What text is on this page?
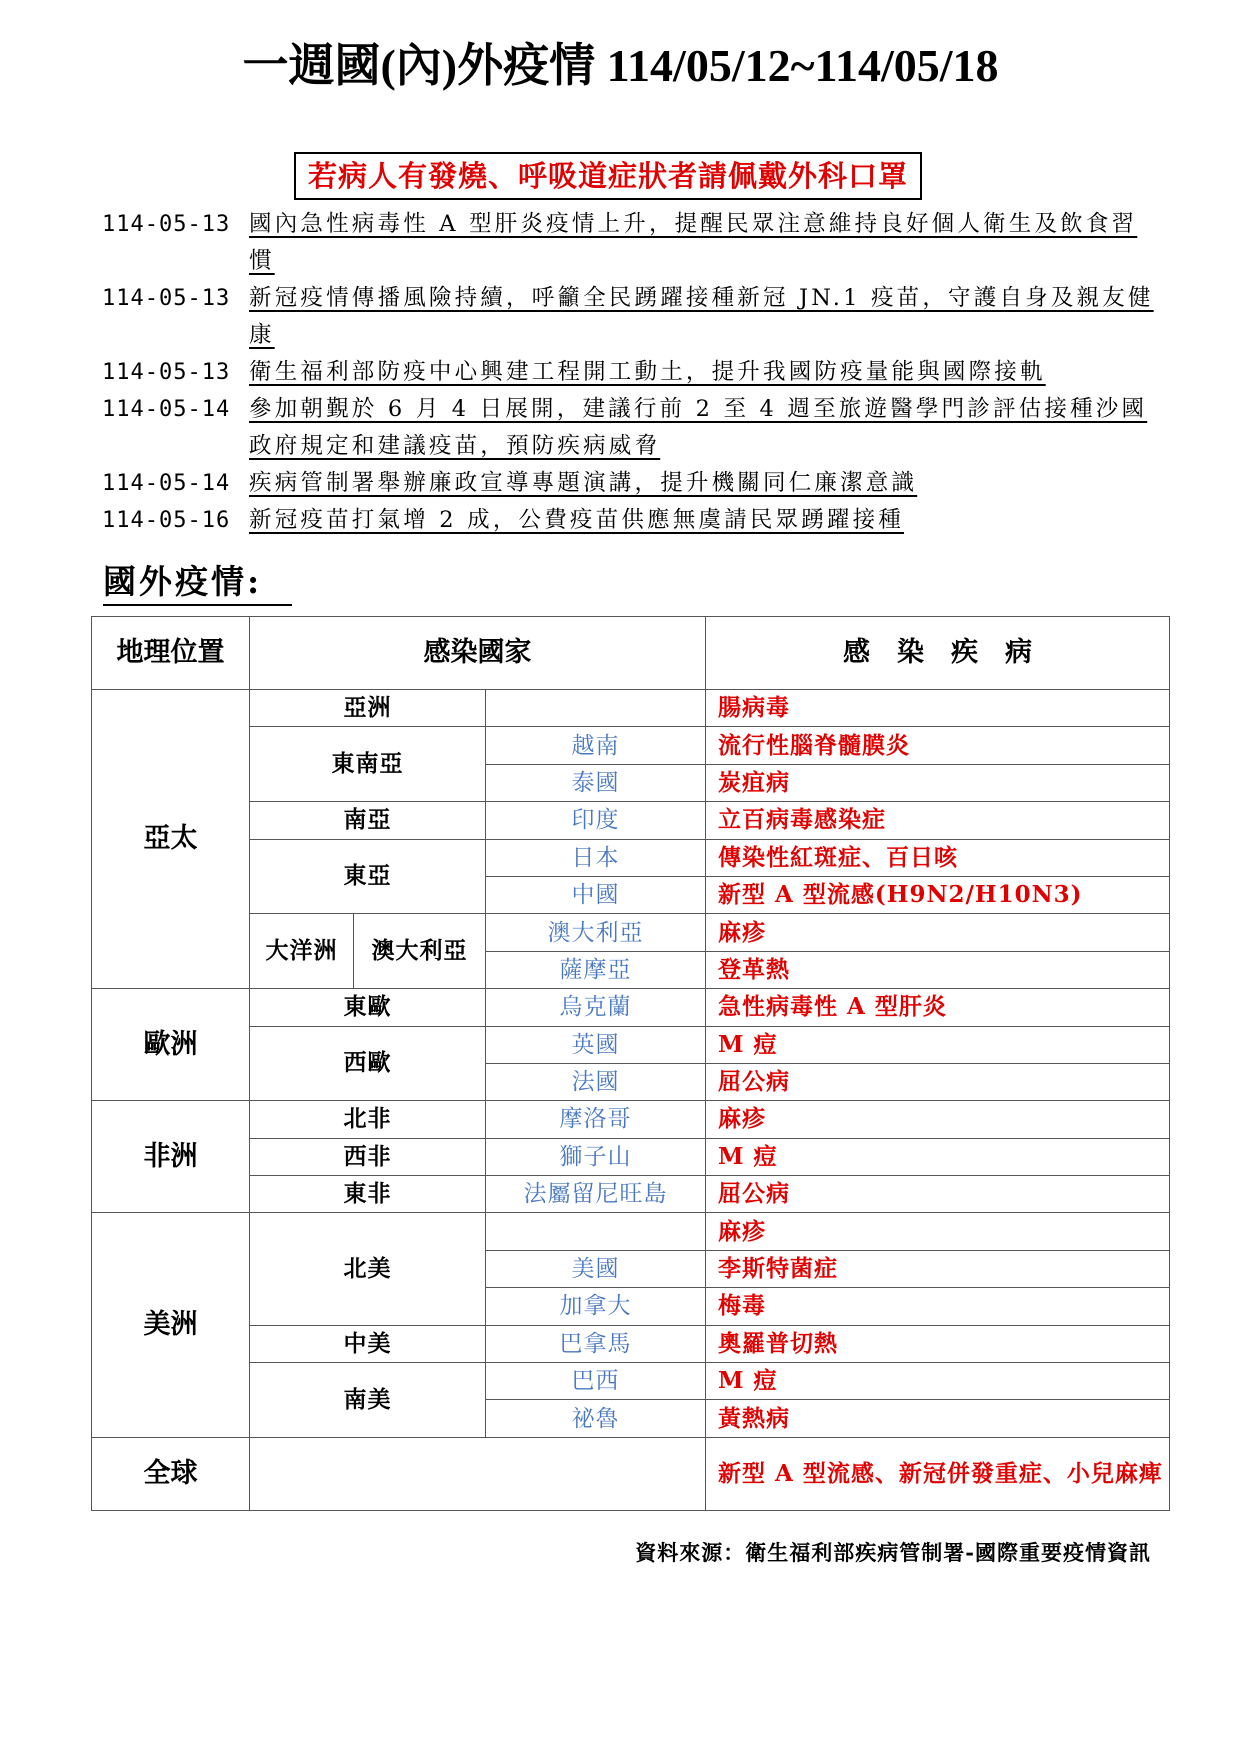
一週國(內)外疫情 114/05/12~114/05/18
若病人有發燒、呼吸道症狀者請佩戴外科口罩
114-05-13 國內急性病毒性 A 型肝炎疫情上升，提醒民眾注意維持良好個人衛生及飲食習慣
114-05-13 新冠疫情傳播風險持續，呼籲全民踴躍接種新冠 JN.1 疫苗，守護自身及親友健康
114-05-13 衛生福利部防疫中心興建工程開工動土，提升我國防疫量能與國際接軌
114-05-14 參加朝覲於 6 月 4 日展開，建議行前 2 至 4 週至旅遊醫學門診評估接種沙國政府規定和建議疫苗，預防疾病威脅
114-05-14 疾病管制署舉辦廉政宣導專題演講，提升機關同仁廉潔意識
114-05-16 新冠疫苗打氣增 2 成，公費疫苗供應無虞請民眾踴躍接種
國外疫情:
地理位置	感染國家			感　染　疾　病
亞太	亞洲			腸病毒
	東南亞		越南	流行性腦脊髓膜炎
			泰國	炭疽病
	南亞		印度	立百病毒感染症
	東亞		日本	傳染性紅斑症、百日咳
			中國	新型 A 型流感(H9N2/H10N3)
	大洋洲	澳大利亞	澳大利亞	麻疹
			薩摩亞	登革熱
歐洲	東歐		烏克蘭	急性病毒性 A 型肝炎
	西歐		英國	M 痘
			法國	屈公病
非洲	北非		摩洛哥	麻疹
	西非		獅子山	M 痘
	東非		法屬留尼旺島	屈公病
美洲	北美			麻疹
			美國	李斯特菌症
			加拿大	梅毒
	中美		巴拿馬	奧羅普切熱
	南美		巴西	M 痘
			祕魯	黃熱病
全球				新型 A 型流感、新冠併發重症、小兒麻痺
資料來源：衛生福利部疾病管制署-國際重要疫情資訊
